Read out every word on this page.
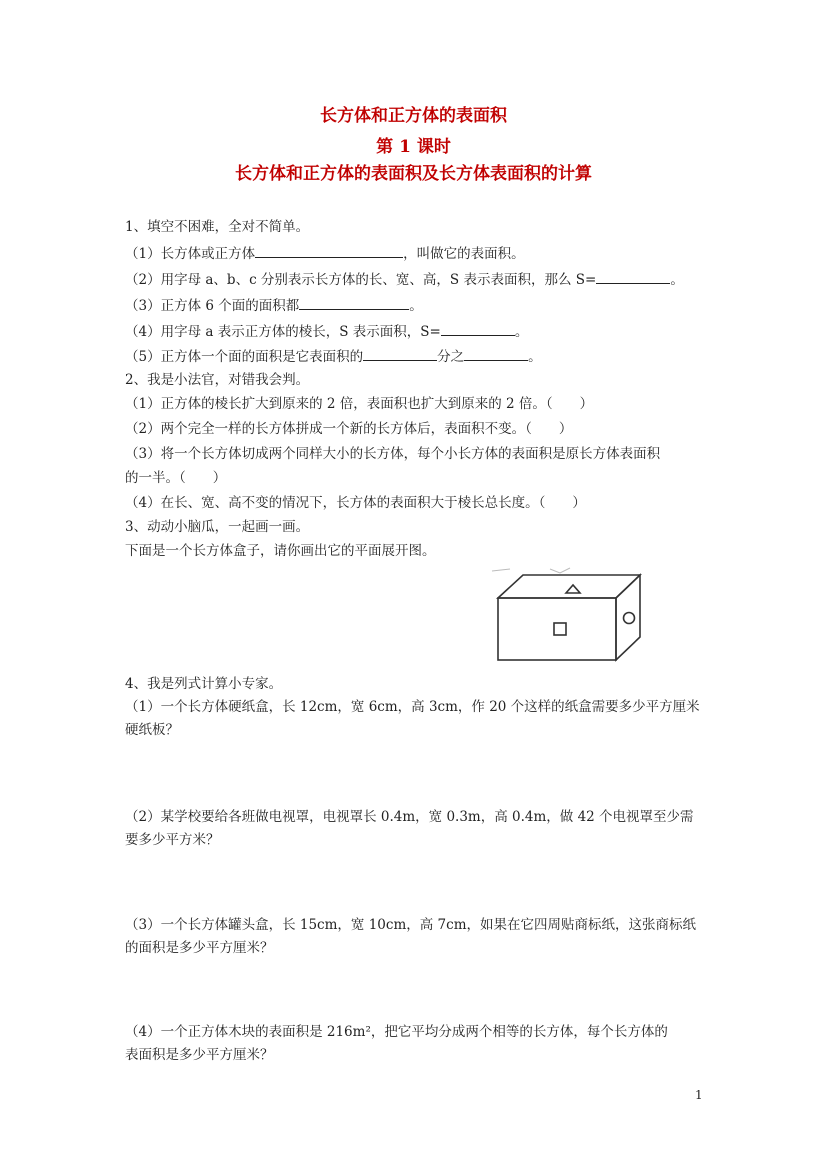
长方体和正方体的表面积
第 1 课时
长方体和正方体的表面积及长方体表面积的计算
1、填空不困难，全对不简单。
（1）长方体或正方体	，叫做它的表面积。
（2）用字母 a、b、c 分别表示长方体的长、宽、高，S 表示表面积，那么 S=	。
（3）正方体 6 个面的面积都	。
（4）用字母 a 表示正方体的棱长，S 表示面积，S=	。
（5）正方体一个面的面积是它表面积的	分之	。
2、我是小法官，对错我会判。
（1）正方体的棱长扩大到原来的 2 倍，表面积也扩大到原来的 2 倍。（　　）
（2）两个完全一样的长方体拼成一个新的长方体后，表面积不变。（　　）
（3）将一个长方体切成两个同样大小的长方体，每个小长方体的表面积是原长方体表面积
的一半。（　　）
（4）在长、宽、高不变的情况下，长方体的表面积大于棱长总长度。（　　）
3、动动小脑瓜，一起画一画。
下面是一个长方体盒子，请你画出它的平面展开图。
4、我是列式计算小专家。
（1）一个长方体硬纸盒，长 12cm，宽 6cm，高 3cm，作 20 个这样的纸盒需要多少平方厘米
硬纸板？
（2）某学校要给各班做电视罩，电视罩长 0.4m，宽 0.3m，高 0.4m，做 42 个电视罩至少需
要多少平方米？
（3）一个长方体罐头盒，长 15cm，宽 10cm，高 7cm，如果在它四周贴商标纸，这张商标纸
的面积是多少平方厘米？
（4）一个正方体木块的表面积是 216m²，把它平均分成两个相等的长方体，每个长方体的
表面积是多少平方厘米？
1
